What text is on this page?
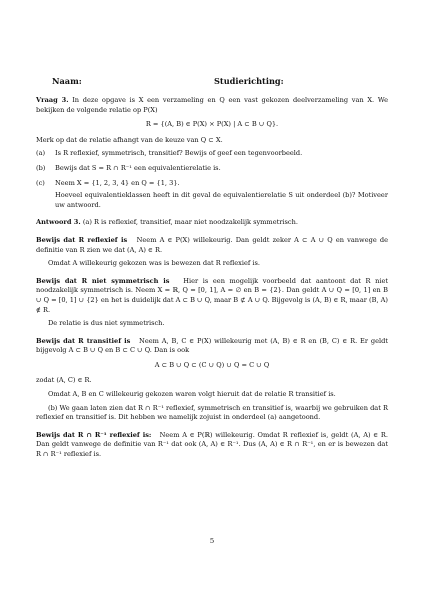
Naam:	Studierichting:

Vraag 3. In deze opgave is X een verzameling en Q een vast gekozen deelverzameling van X. We bekijken de volgende relatie op P(X)

R = {(A, B) ∈ P(X) × P(X) | A ⊂ B ∪ Q}.

Merk op dat de relatie afhangt van de keuze van Q ⊂ X.

(a) Is R reflexief, symmetrisch, transitief? Bewijs of geef een tegenvoorbeeld.

(b) Bewijs dat S = R ∩ R⁻¹ een equivalentierelatie is.

(c) Neem X = {1, 2, 3, 4} en Q = {1, 3}.

Hoeveel equivalentieklassen heeft in dit geval de equivalentierelatie S uit onderdeel (b)? Motiveer uw antwoord.

Antwoord 3. (a) R is reflexief, transitief, maar niet noodzakelijk symmetrisch.

Bewijs dat R reflexief is Neem A ∈ P(X) willekeurig. Dan geldt zeker A ⊂ A ∪ Q en vanwege de definitie van R zien we dat (A, A) ∈ R.

Omdat A willekeurig gekozen was is bewezen dat R reflexief is.

Bewijs dat R niet symmetrisch is Hier is een mogelijk voorbeeld dat aantoont dat R niet noodzakelijk symmetrisch is. Neem X = ℝ, Q = [0, 1], A = ∅ en B = {2}. Dan geldt A ∪ Q = [0, 1] en B ∪ Q = [0, 1] ∪ {2} en het is duidelijk dat A ⊂ B ∪ Q, maar B ⊄ A ∪ Q. Bijgevolg is (A, B) ∈ R, maar (B, A) ∉ R.

De relatie is dus niet symmetrisch.

Bewijs dat R transitief is Neem A, B, C ∈ P(X) willekeurig met (A, B) ∈ R en (B, C) ∈ R. Er geldt bijgevolg A ⊂ B ∪ Q en B ⊂ C ∪ Q. Dan is ook

A ⊂ B ∪ Q ⊂ (C ∪ Q) ∪ Q = C ∪ Q

zodat (A, C) ∈ R.

Omdat A, B en C willekeurig gekozen waren volgt hieruit dat de relatie R transitief is.

(b) We gaan laten zien dat R ∩ R⁻¹ reflexief, symmetrisch en transitief is, waarbij we gebruiken dat R reflexief en transitief is. Dit hebben we namelijk zojuist in onderdeel (a) aangetoond.

Bewijs dat R ∩ R⁻¹ reflexief is: Neem A ∈ P(ℝ) willekeurig. Omdat R reflexief is, geldt (A, A) ∈ R. Dan geldt vanwege de definitie van R⁻¹ dat ook (A, A) ∈ R⁻¹. Dus (A, A) ∈ R ∩ R⁻¹, en er is bewezen dat R ∩ R⁻¹ reflexief is.

5
